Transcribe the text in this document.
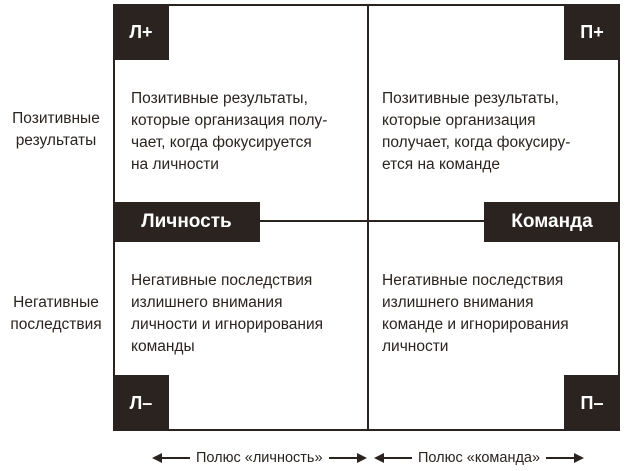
Л+	П+
Л–	П–
Личность	Команда
Позитивные результаты,
которые организация полу-
чает, когда фокусируется
на личности
Позитивные результаты,
которые организация
получает, когда фокусиру-
ется на команде
Негативные последствия
излишнего внимания
личности и игнорирования
команды
Негативные последствия
излишнего внимания
команде и игнорирования
личности
Позитивные
результаты
Негативные
последствия
Полюс «личность»	Полюс «команда»
